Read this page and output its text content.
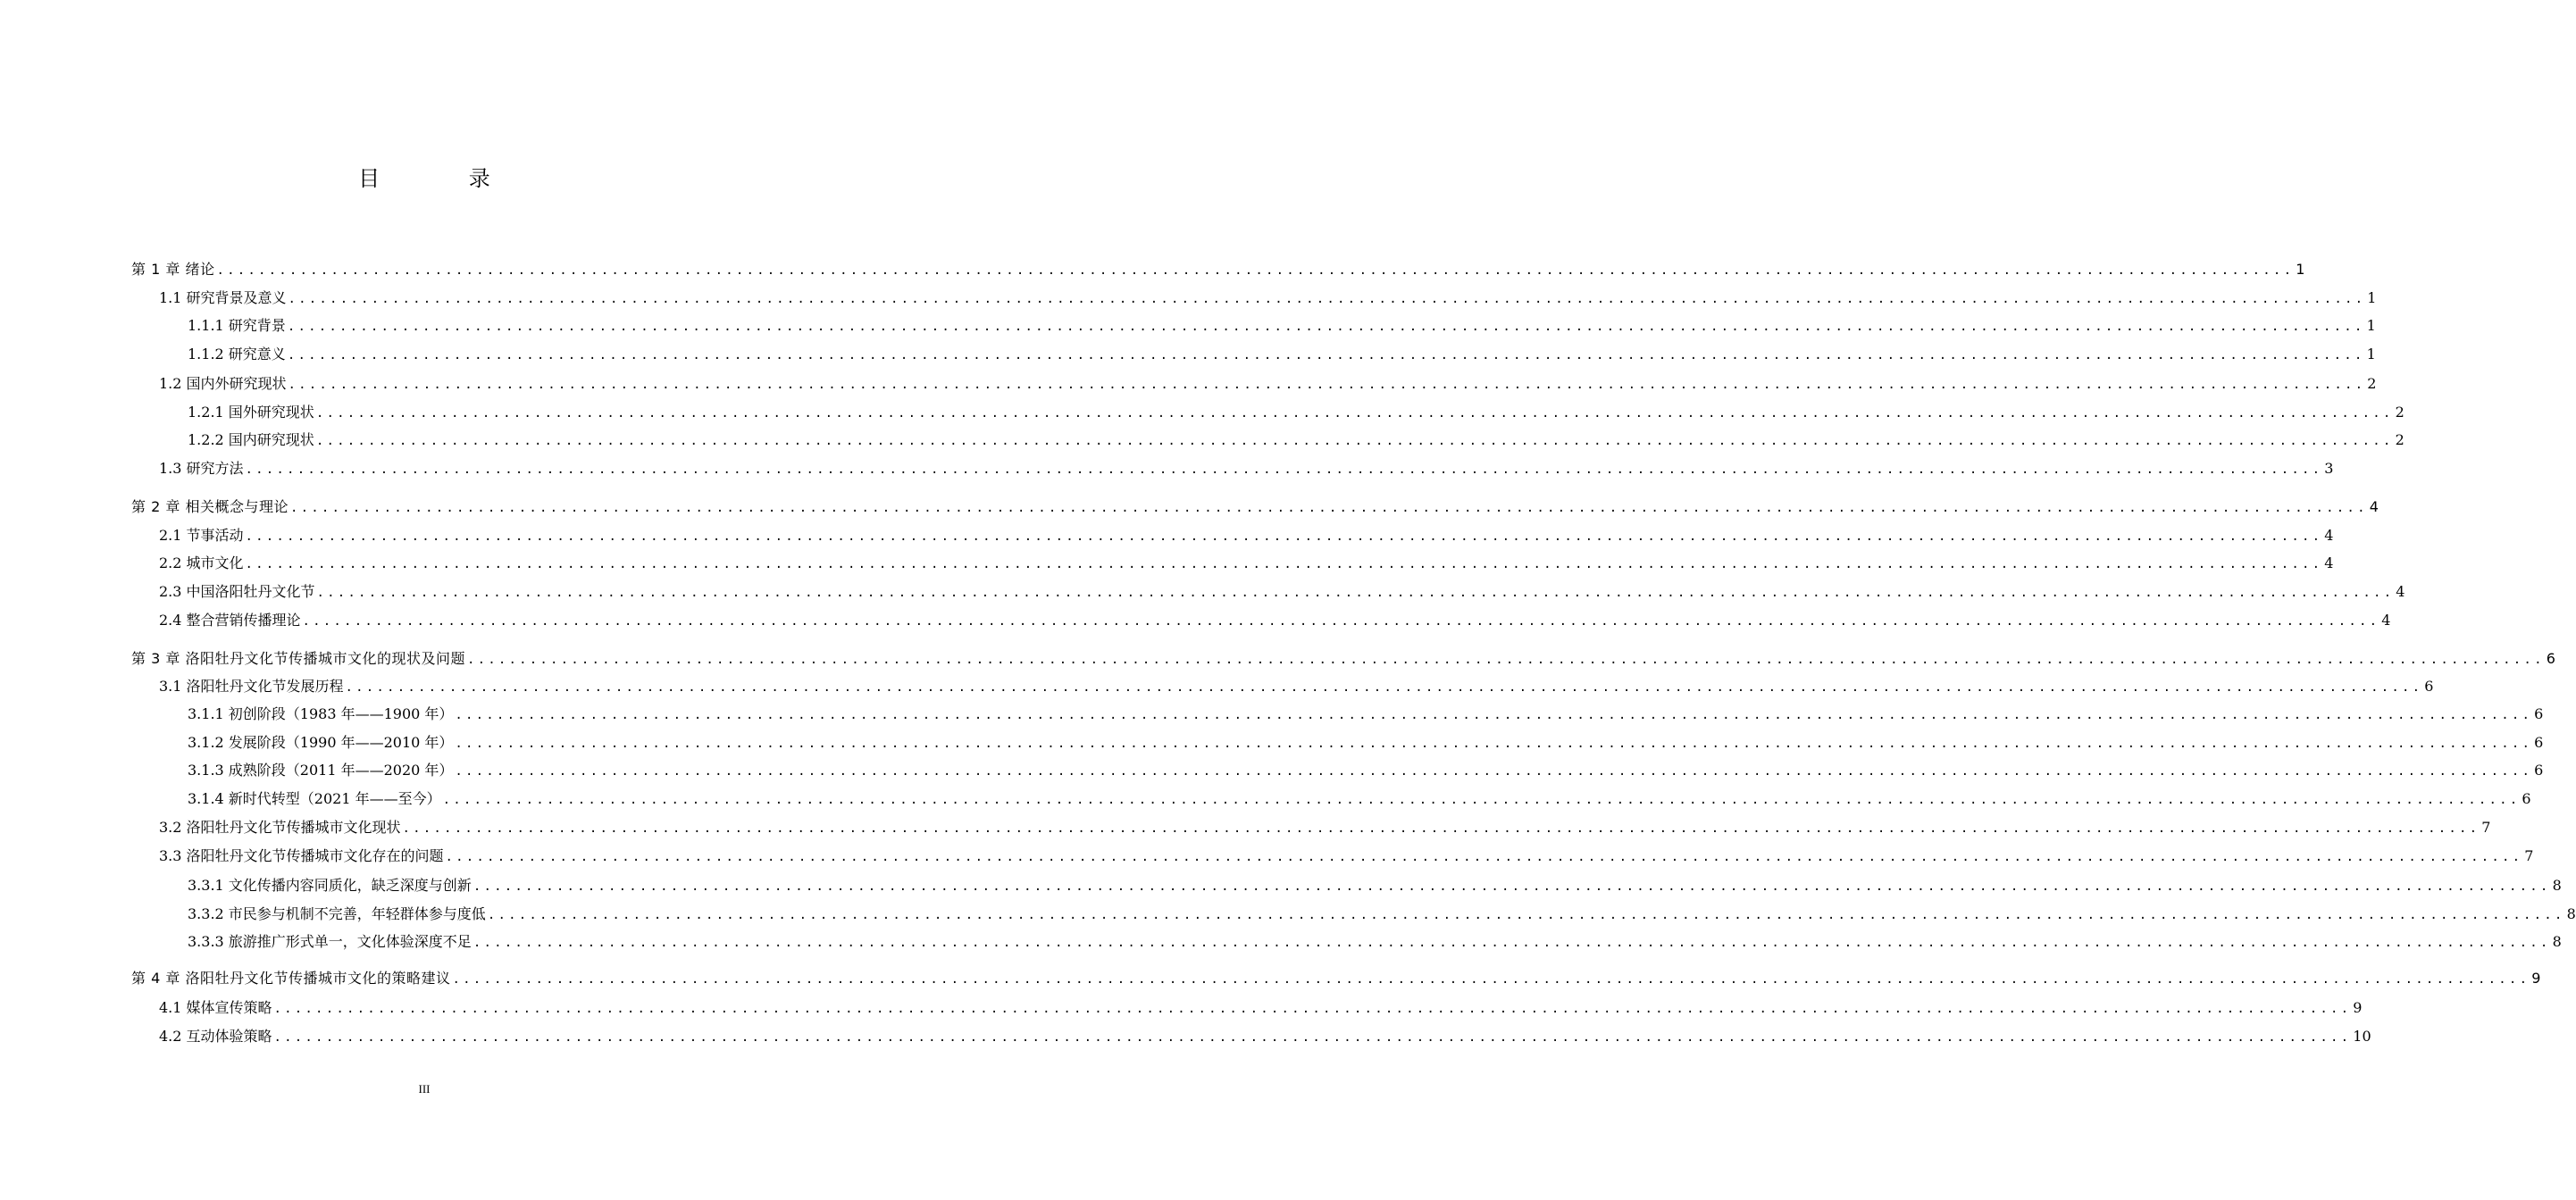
目 录
第 1 章 绪论 ........................................................................................................................................................................................................ 1
1.1 研究背景及意义 ........................................................................................................................................................................................................ 1
1.1.1 研究背景 ........................................................................................................................................................................................................ 1
1.1.2 研究意义 ........................................................................................................................................................................................................ 1
1.2 国内外研究现状 ........................................................................................................................................................................................................ 2
1.2.1 国外研究现状 ........................................................................................................................................................................................................ 2
1.2.2 国内研究现状 ........................................................................................................................................................................................................ 2
1.3 研究方法 ........................................................................................................................................................................................................ 3
第 2 章 相关概念与理论 ........................................................................................................................................................................................................ 4
2.1 节事活动 ........................................................................................................................................................................................................ 4
2.2 城市文化 ........................................................................................................................................................................................................ 4
2.3 中国洛阳牡丹文化节 ........................................................................................................................................................................................................ 4
2.4 整合营销传播理论 ........................................................................................................................................................................................................ 4
第 3 章 洛阳牡丹文化节传播城市文化的现状及问题 ........................................................................................................................................................................................................ 6
3.1 洛阳牡丹文化节发展历程 ........................................................................................................................................................................................................ 6
3.1.1 初创阶段（1983 年——1900 年） ........................................................................................................................................................................................................ 6
3.1.2 发展阶段（1990 年——2010 年） ........................................................................................................................................................................................................ 6
3.1.3 成熟阶段（2011 年——2020 年） ........................................................................................................................................................................................................ 6
3.1.4 新时代转型（2021 年——至今） ........................................................................................................................................................................................................ 6
3.2 洛阳牡丹文化节传播城市文化现状 ........................................................................................................................................................................................................ 7
3.3 洛阳牡丹文化节传播城市文化存在的问题 ........................................................................................................................................................................................................ 7
3.3.1 文化传播内容同质化，缺乏深度与创新 ........................................................................................................................................................................................................ 8
3.3.2 市民参与机制不完善，年轻群体参与度低 ........................................................................................................................................................................................................ 8
3.3.3 旅游推广形式单一，文化体验深度不足 ........................................................................................................................................................................................................ 8
第 4 章 洛阳牡丹文化节传播城市文化的策略建议 ........................................................................................................................................................................................................ 9
4.1 媒体宣传策略 ........................................................................................................................................................................................................ 9
4.2 互动体验策略 ........................................................................................................................................................................................................ 10
III
